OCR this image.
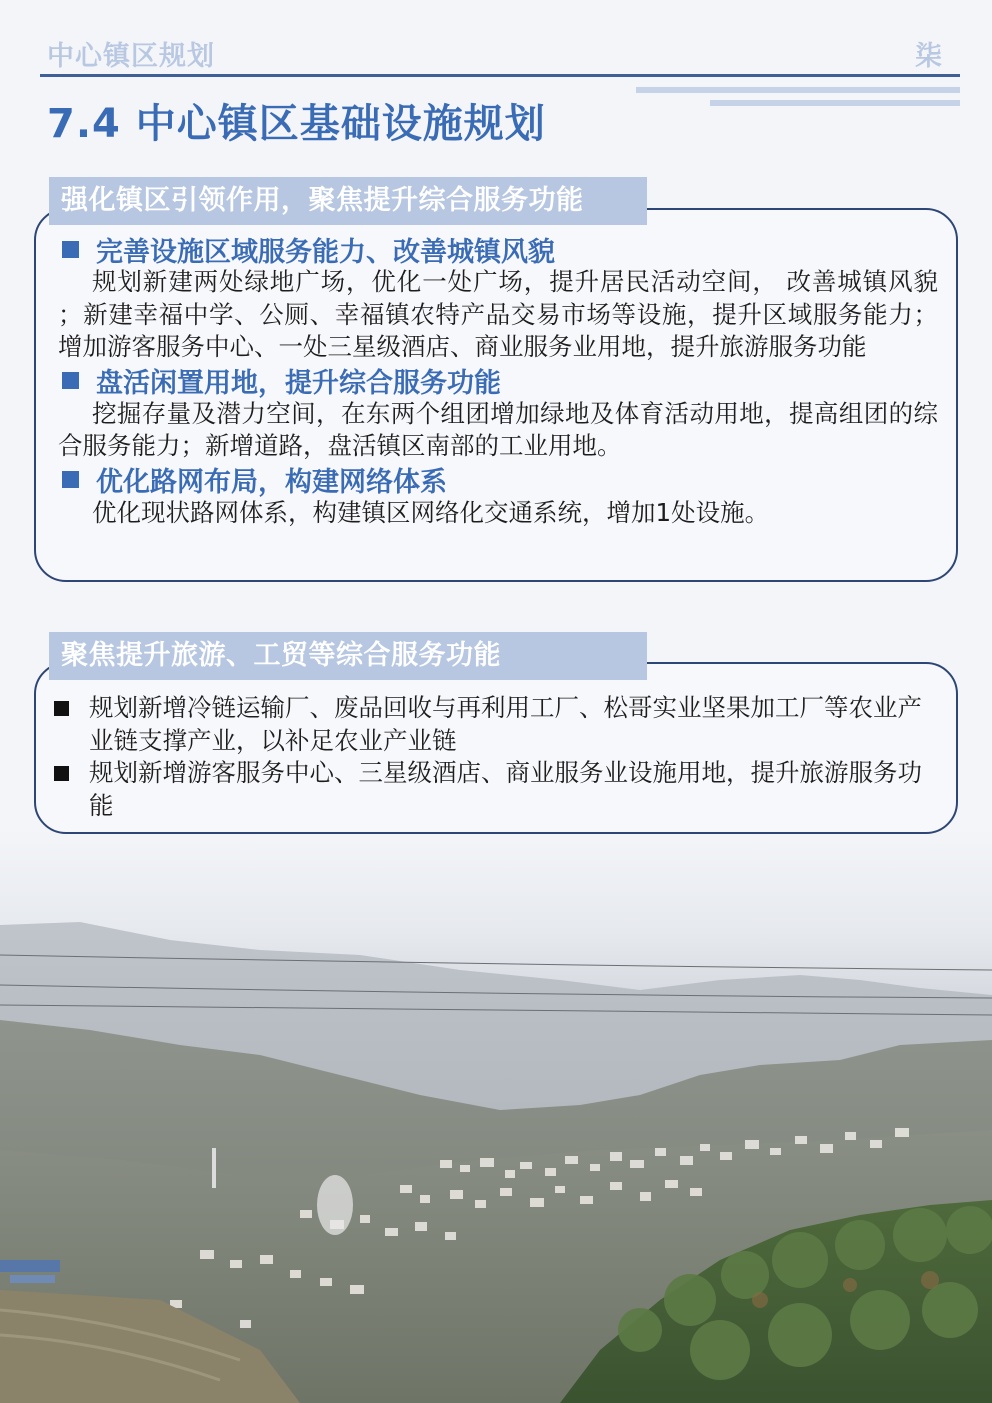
中心镇区规划	柒
7.4 中心镇区基础设施规划
强化镇区引领作用，聚焦提升综合服务功能
完善设施区域服务能力、改善城镇风貌

规划新建两处绿地广场，优化一处广场，提升居民活动空间， 改善城镇风貌 ；新建幸福中学、公厕、幸福镇农特产品交易市场等设施，提升区域服务能力；增加游客服务中心、一处三星级酒店、商业服务业用地，提升旅游服务功能

盘活闲置用地，提升综合服务功能

挖掘存量及潜力空间，在东两个组团增加绿地及体育活动用地，提高组团的综合服务能力；新增道路，盘活镇区南部的工业用地。

优化路网布局，构建网络体系

优化现状路网体系，构建镇区网络化交通系统，增加1处设施。

聚焦提升旅游、工贸等综合服务功能
规划新增冷链运输厂、废品回收与再利用工厂、松哥实业坚果加工厂等农业产业链支撑产业，以补足农业产业链
规划新增游客服务中心、三星级酒店、商业服务业设施用地，提升旅游服务功能
